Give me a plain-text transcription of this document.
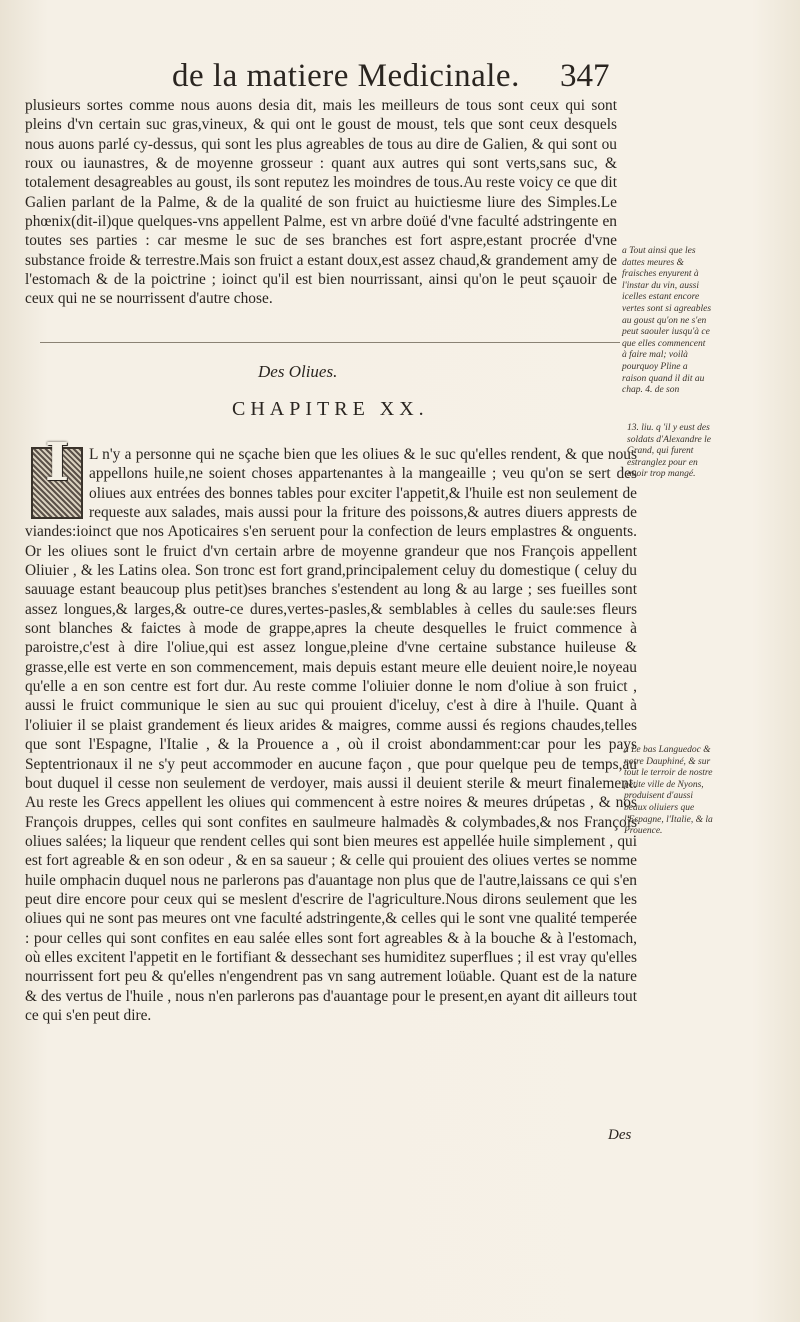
de la matiere Medicinale. 347
plusieurs sortes comme nous auons desia dit, mais les meilleurs de tous sont ceux qui sont pleins d'vn certain suc gras,vineux, & qui ont le goust de moust, tels que sont ceux desquels nous auons parlé cy-dessus, qui sont les plus agreables de tous au dire de Galien, & qui sont ou roux ou iaunastres, & de moyenne grosseur : quant aux autres qui sont verts,sans suc, & totalement desagreables au goust, ils sont reputez les moindres de tous.Au reste voicy ce que dit Galien parlant de la Palme, & de la qualité de son fruict au huictiesme liure des Simples.Le phœnix(dit-il)que quelques-vns appellent Palme, est vn arbre doüé d'vne faculté adstringente en toutes ses parties : car mesme le suc de ses branches est fort aspre,estant procrée d'vne substance froide & terrestre.Mais son fruict a estant doux,est assez chaud,& grandement amy de l'estomach & de la poictrine ; ioinct qu'il est bien nourrissant, ainsi qu'on le peut sçauoir de ceux qui ne se nourrissent d'autre chose.
Des Oliues.
CHAPITRE XX.
I	L n'y a personne qui ne sçache bien que les oliues & le suc qu'elles rendent, & que nous appellons huile,ne soient choses appartenantes à la mangeaille ; veu qu'on se sert des oliues aux entrées des bonnes tables pour exciter l'appetit,& l'huile est non seulement de requeste aux salades, mais aussi pour la friture des poissons,& autres diuers apprests de viandes:ioinct que nos Apoticaires s'en seruent pour la confection de leurs emplastres & onguents. Or les oliues sont le fruict d'vn certain arbre de moyenne grandeur que nos François appellent Oliuier , & les Latins olea. Son tronc est fort grand,principalement celuy du domestique ( celuy du sauuage estant beaucoup plus petit)ses branches s'estendent au long & au large ; ses fueilles sont assez longues,& larges,& outre-ce dures,vertes-pasles,& semblables à celles du saule:ses fleurs sont blanches & faictes à mode de grappe,apres la cheute desquelles le fruict commence à paroistre,c'est à dire l'oliue,qui est assez longue,pleine d'vne certaine substance huileuse & grasse,elle est verte en son commencement, mais depuis estant meure elle deuient noire,le noyeau qu'elle a en son centre est fort dur. Au reste comme l'oliuier donne le nom d'oliue à son fruict , aussi le fruict communique le sien au suc qui prouient d'iceluy, c'est à dire à l'huile. Quant à l'oliuier il se plaist grandement és lieux arides & maigres, comme aussi és regions chaudes,telles que sont l'Espagne, l'Italie , & la Prouence a , où il croist abondamment:car pour les pays Septentrionaux il ne s'y peut accommoder en aucune façon , que pour quelque peu de temps,au bout duquel il cesse non seulement de verdoyer, mais aussi il deuient sterile & meurt finalement. Au reste les Grecs appellent les oliues qui commencent à estre noires & meures drúpetas , & nos François druppes, celles qui sont confites en saulmeure halmadès & colymbades,& nos François oliues salées; la liqueur que rendent celles qui sont bien meures est appellée huile simplement , qui est fort agreable & en son odeur , & en sa saueur ; & celle qui prouient des oliues vertes se nomme huile omphacin duquel nous ne parlerons pas d'auantage non plus que de l'autre,laissans ce qui s'en peut dire encore pour ceux qui se meslent d'escrire de l'agriculture.Nous dirons seulement que les oliues qui ne sont pas meures ont vne faculté adstringente,& celles qui le sont vne qualité temperée : pour celles qui sont confites en eau salée elles sont fort agreables & à la bouche & à l'estomach, où elles excitent l'appetit en le fortifiant & dessechant ses humiditez superflues ; il est vray qu'elles nourrissent fort peu & qu'elles n'engendrent pas vn sang autrement loüable. Quant est de la nature & des vertus de l'huile , nous n'en parlerons pas d'auantage pour le present,en ayant dit ailleurs tout ce qui s'en peut dire.
a Tout ainsi que les dattes meures & fraisches enyurent à l'instar du vin, aussi icelles estant encore vertes sont si agreables au goust qu'on ne s'en peut saouler iusqu'à ce que elles commencent à faire mal; voilà pourquoy Pline a raison quand il dit au chap. 4. de son
13. liu. q 'il y eust des soldats d'Alexandre le Grand, qui furent estranglez pour en auoir trop mangé.
a Le bas Languedoc & notre Dauphiné, & sur tout le terroir de nostre petite ville de Nyons, produisent d'aussi beaux oliuiers que l'Espagne, l'Italie, & la Prouence.
Des
